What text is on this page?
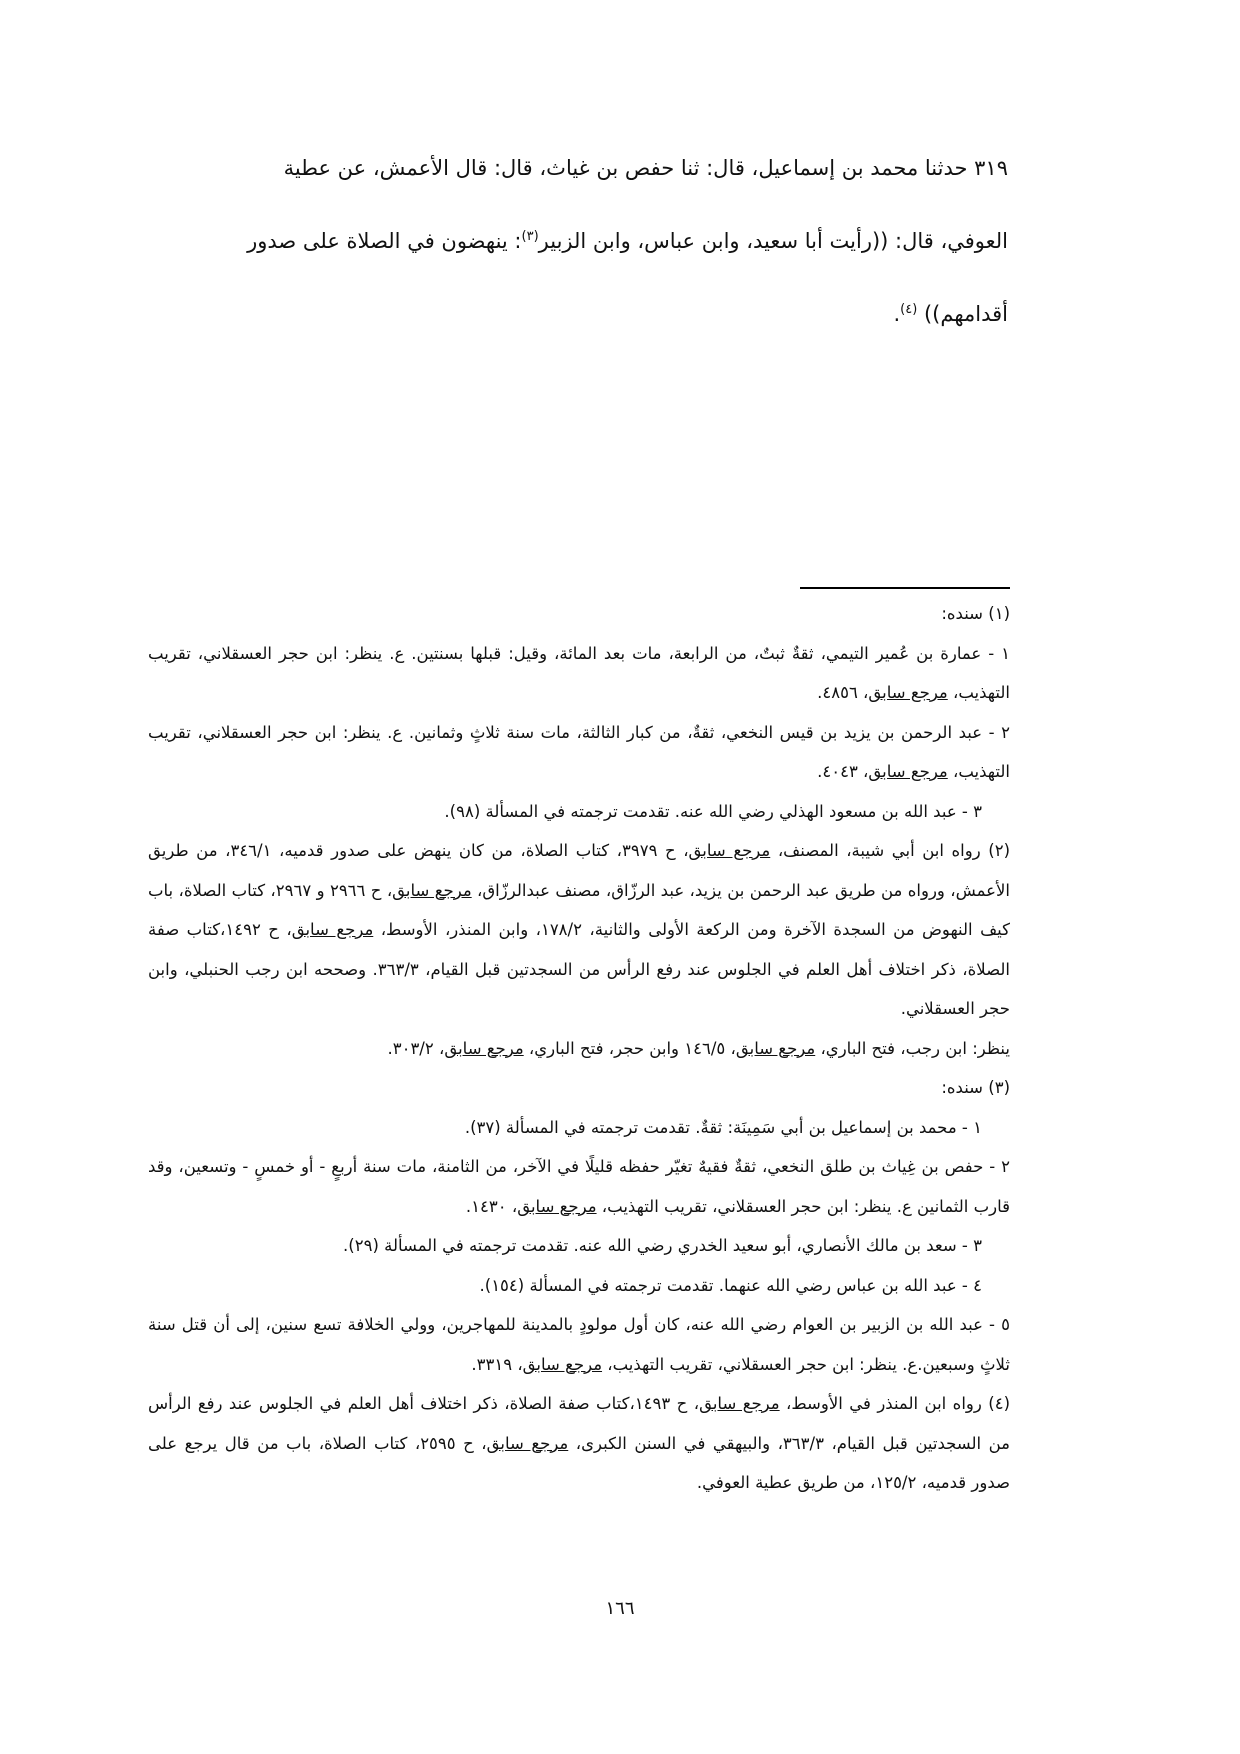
٣١٩ حدثنا محمد بن إسماعيل، قال: ثنا حفص بن غياث، قال: قال الأعمش، عن عطية

العوفي، قال: ((رأيت أبا سعيد، وابن عباس، وابن الزبير$^{(٣)}$: ينهضون في الصلاة على صدور

أقدامهم)) $^{(٤)}$.

(١) سنده:

١ - عمارة بن عُمير التيمي، ثقةٌ ثبتٌ، من الرابعة، مات بعد المائة، وقيل: قبلها بسنتين. ع. ينظر: ابن حجر العسقلاني، تقريب التهذيب، مرجع سابق، ٤٨٥٦.

٢ - عبد الرحمن بن يزيد بن قيس النخعي، ثقةٌ، من كبار الثالثة، مات سنة ثلاثٍ وثمانين. ع. ينظر: ابن حجر العسقلاني، تقريب التهذيب، مرجع سابق، ٤٠٤٣.

٣ - عبد الله بن مسعود الهذلي رضي الله عنه. تقدمت ترجمته في المسألة (٩٨).

(٢) رواه ابن أبي شيبة، المصنف، مرجع سابق، ح ٣٩٧٩، كتاب الصلاة، من كان ينهض على صدور قدميه، ٣٤٦/١، من طريق الأعمش، ورواه من طريق عبد الرحمن بن يزيد، عبد الرزّاق، مصنف عبدالرزّاق، مرجع سابق، ح ٢٩٦٦ و ٢٩٦٧، كتاب الصلاة، باب كيف النهوض من السجدة الآخرة ومن الركعة الأولى والثانية، ١٧٨/٢، وابن المنذر، الأوسط، مرجع سابق، ح ١٤٩٢،كتاب صفة الصلاة، ذكر اختلاف أهل العلم في الجلوس عند رفع الرأس من السجدتين قبل القيام، ٣٦٣/٣. وصححه ابن رجب الحنبلي، وابن حجر العسقلاني.

ينظر: ابن رجب، فتح الباري، مرجع سابق، ١٤٦/٥ وابن حجر، فتح الباري، مرجع سابق، ٣٠٣/٢.

(٣) سنده:

١ - محمد بن إسماعيل بن أبي سَمِينَة: ثقةٌ. تقدمت ترجمته في المسألة (٣٧).

٢ - حفص بن غِياث بن طلق النخعي، ثقةٌ فقيهٌ تغيّر حفظه قليلًا في الآخر، من الثامنة، مات سنة أربعٍ - أو خمسٍ - وتسعين، وقد قارب الثمانين ع. ينظر: ابن حجر العسقلاني، تقريب التهذيب، مرجع سابق، ١٤٣٠.

٣ - سعد بن مالك الأنصاري، أبو سعيد الخدري رضي الله عنه. تقدمت ترجمته في المسألة (٢٩).

٤ - عبد الله بن عباس رضي الله عنهما. تقدمت ترجمته في المسألة (١٥٤).

٥ - عبد الله بن الزبير بن العوام رضي الله عنه، كان أول مولودٍ بالمدينة للمهاجرين، وولي الخلافة تسع سنين، إلى أن قتل سنة ثلاثٍ وسبعين.ع. ينظر: ابن حجر العسقلاني، تقريب التهذيب، مرجع سابق، ٣٣١٩.

(٤) رواه ابن المنذر في الأوسط، مرجع سابق، ح ١٤٩٣،كتاب صفة الصلاة، ذكر اختلاف أهل العلم في الجلوس عند رفع الرأس من السجدتين قبل القيام، ٣٦٣/٣، والبيهقي في السنن الكبرى، مرجع سابق، ح ٢٥٩٥، كتاب الصلاة، باب من قال يرجع على صدور قدميه، ١٢٥/٢، من طريق عطية العوفي.

١٦٦
